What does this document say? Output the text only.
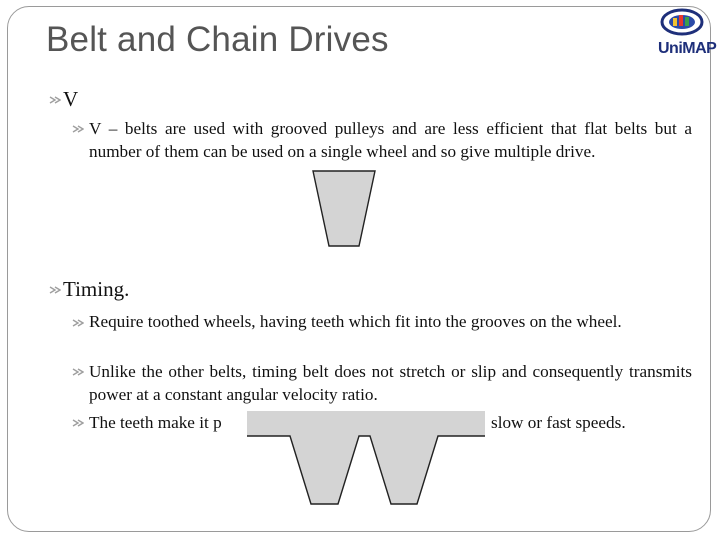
Belt and Chain Drives	UniMAP
V
V – belts are used with grooved pulleys and are less efficient that flat belts but a number of them can be used on a single wheel and so give multiple drive.
Timing.
Require toothed wheels, having teeth which fit into the grooves on the wheel.
Unlike the other belts, timing belt does not stretch or slip and consequently transmits power at a constant angular velocity ratio.
The teeth make it p	slow or fast speeds.
